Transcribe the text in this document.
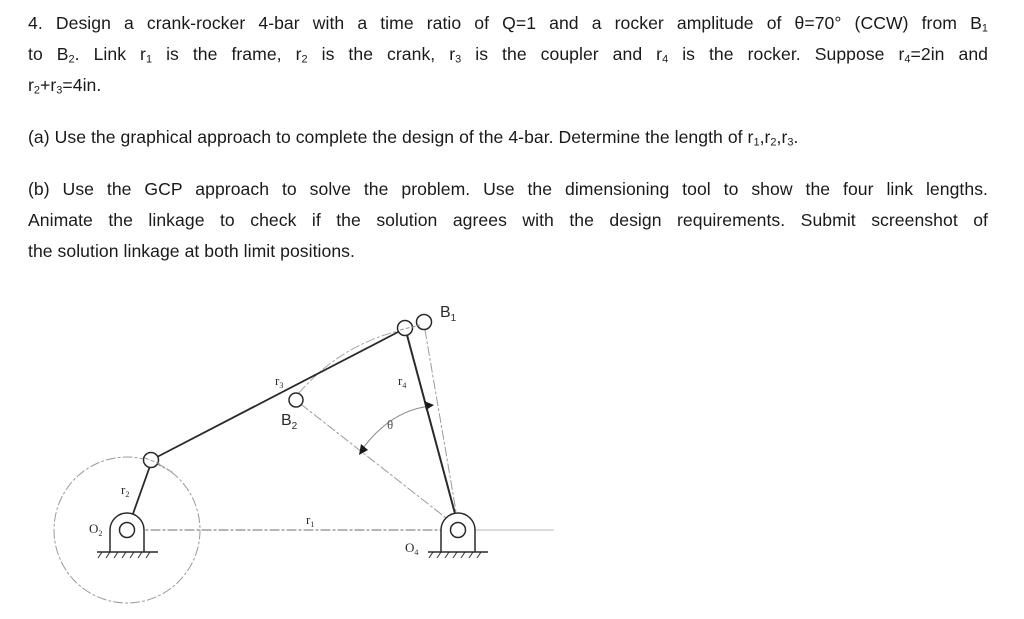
4. Design a crank-rocker 4-bar with a time ratio of Q=1 and a rocker amplitude of θ=70° (CCW) from $B_1$
to $B_2$. Link $r_1$ is the frame, $r_2$ is the crank, $r_3$ is the coupler and $r_4$ is the rocker. Suppose $r_4=2in$ and
$r_2+r_3=4in$.
(a) Use the graphical approach to complete the design of the 4-bar. Determine the length of $r_1,r_2,r_3$.
(b) Use the GCP approach to solve the problem. Use the dimensioning tool to show the four link lengths.
Animate the linkage to check if the solution agrees with the design requirements. Submit screenshot of
the solution linkage at both limit positions.
$B_1$
$B_2$
$r_3$	$r_4$
$r_2$
$r_1$
$O_2$
$O_4$
θ
